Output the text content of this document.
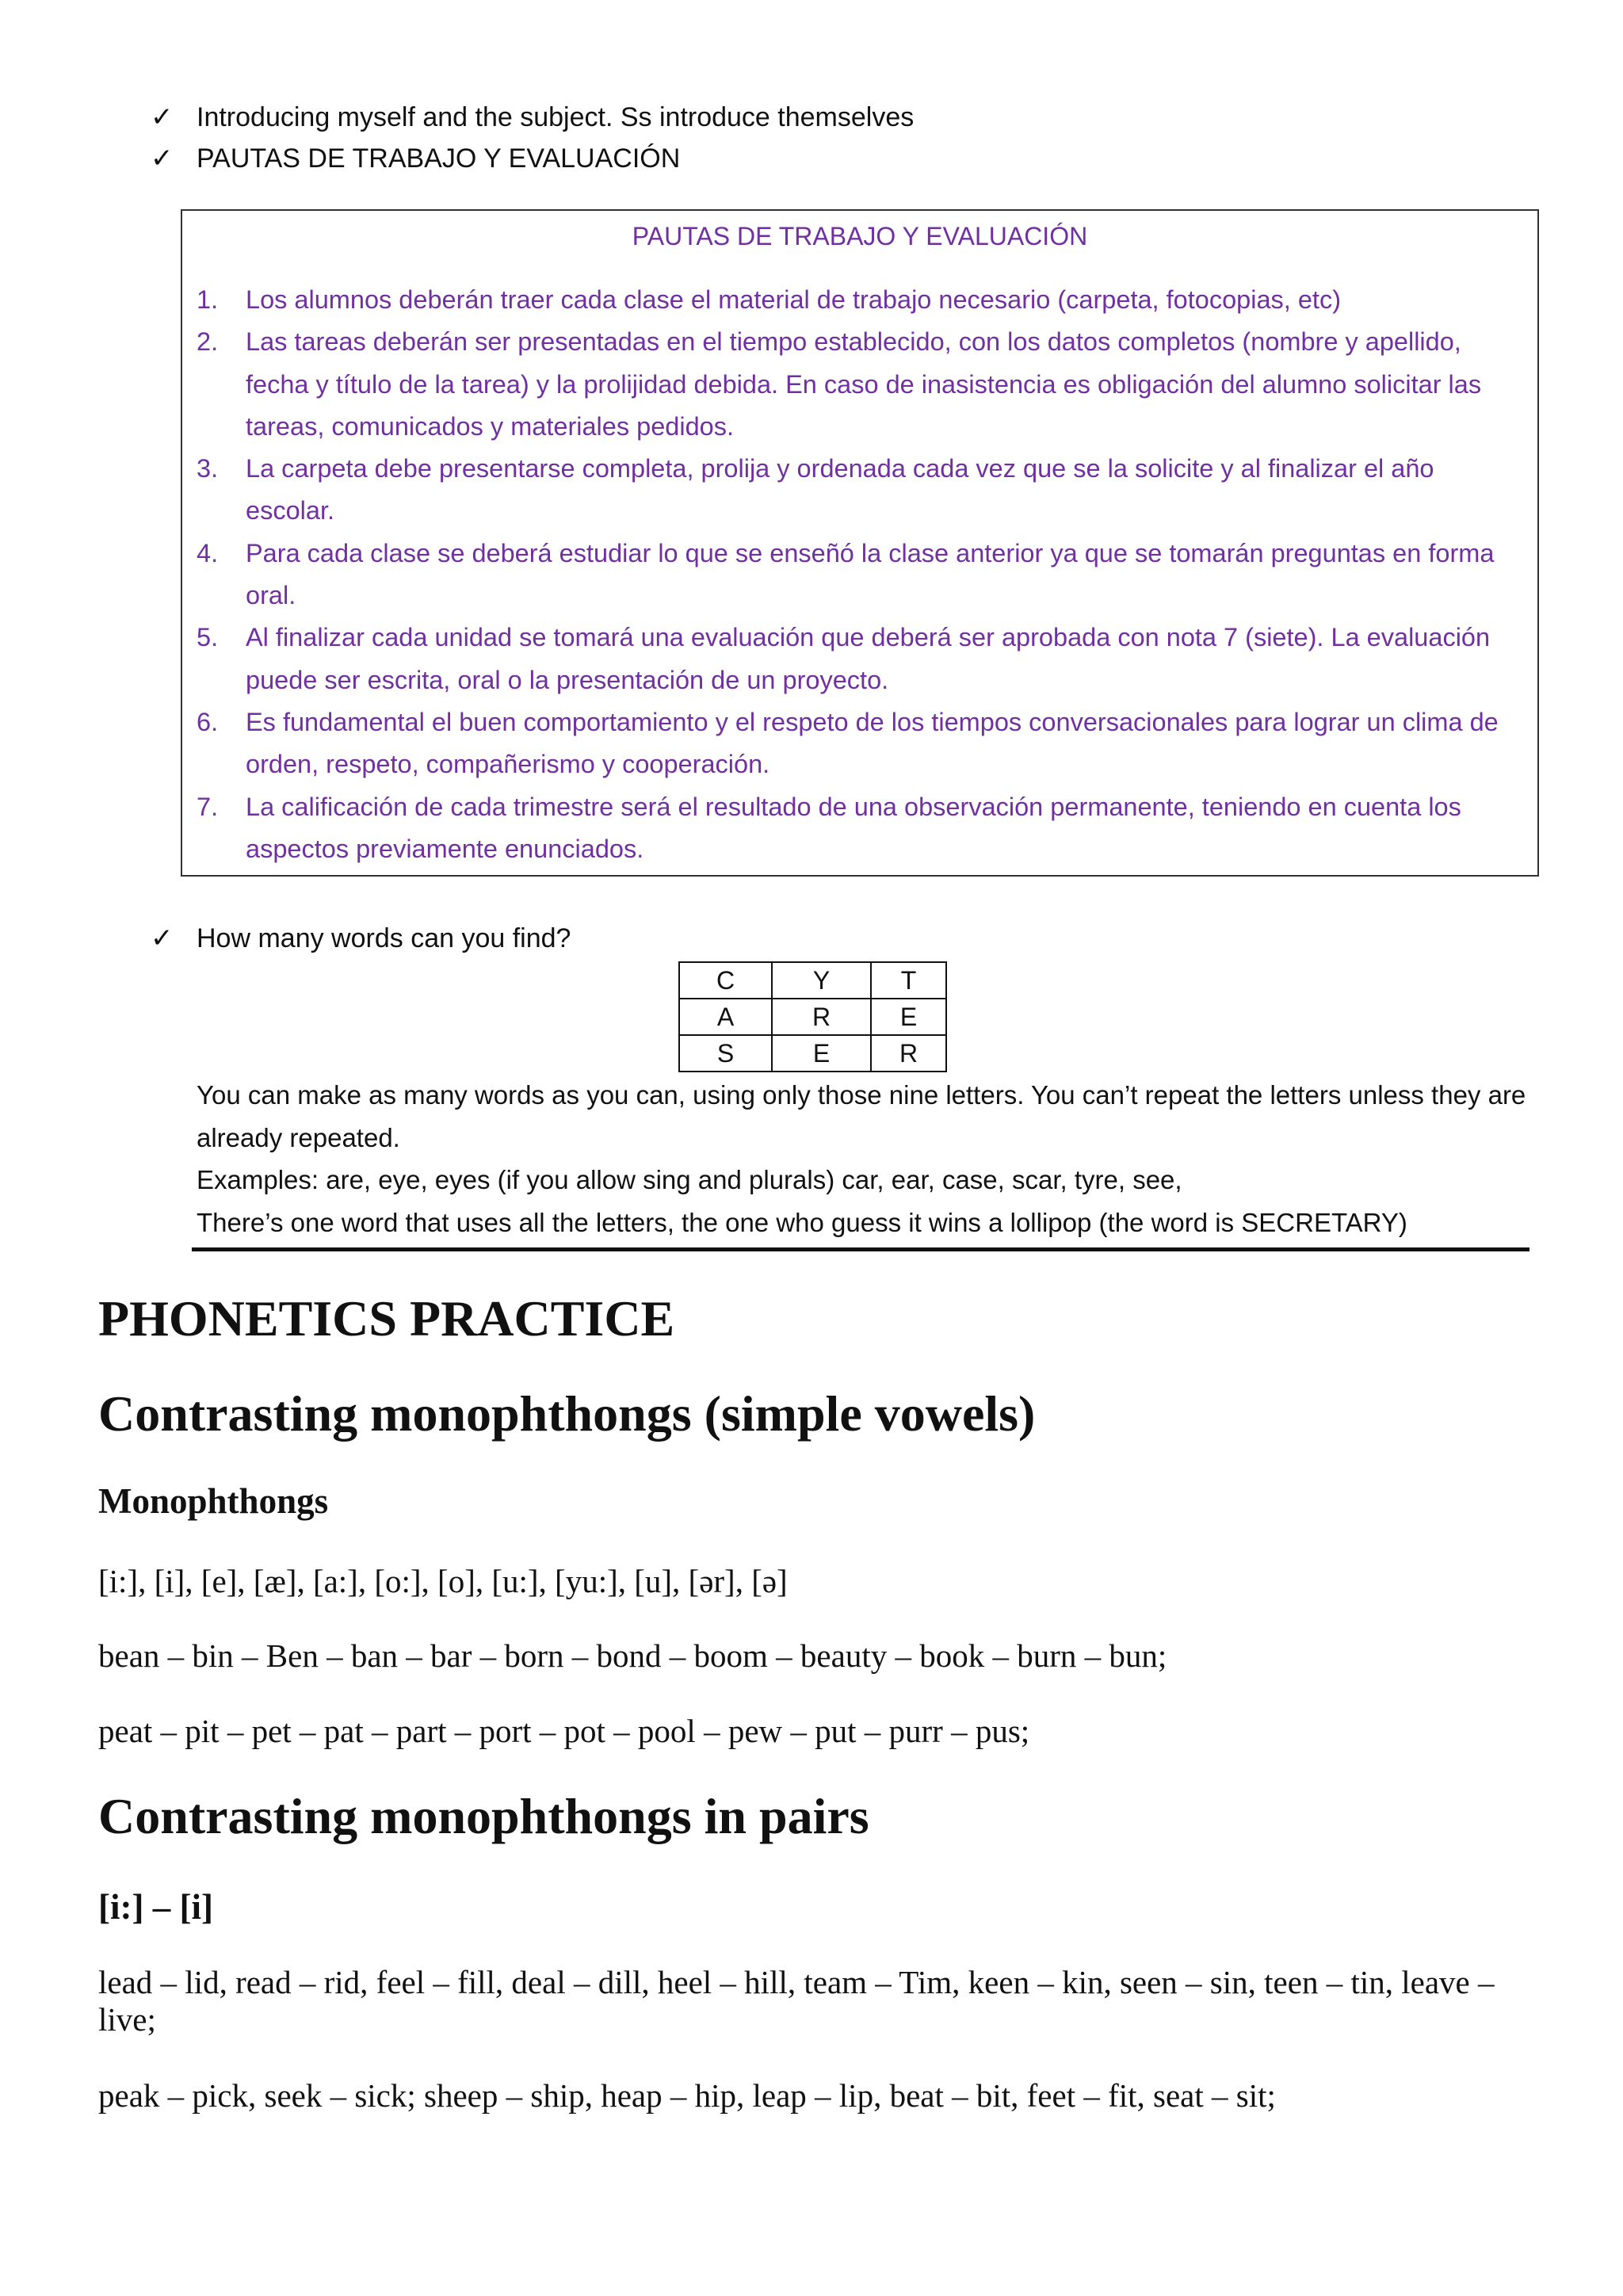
✓ Introducing myself and the subject. Ss introduce themselves
✓ PAUTAS DE TRABAJO Y EVALUACIÓN
PAUTAS DE TRABAJO Y EVALUACIÓN
1. Los alumnos deberán traer cada clase el material de trabajo necesario (carpeta, fotocopias, etc)
2. Las tareas deberán ser presentadas en el tiempo establecido, con los datos completos (nombre y apellido, fecha y título de la tarea) y la prolijidad debida. En caso de inasistencia es obligación del alumno solicitar las tareas, comunicados y materiales pedidos.
3. La carpeta debe presentarse completa, prolija y ordenada cada vez que se la solicite y al finalizar el año escolar.
4. Para cada clase se deberá estudiar lo que se enseñó la clase anterior ya que se tomarán preguntas en forma oral.
5. Al finalizar cada unidad se tomará una evaluación que deberá ser aprobada con nota 7 (siete). La evaluación puede ser escrita, oral o la presentación de un proyecto.
6. Es fundamental el buen comportamiento y el respeto de los tiempos conversacionales para lograr un clima de orden, respeto, compañerismo y cooperación.
7. La calificación de cada trimestre será el resultado de una observación permanente, teniendo en cuenta los aspectos previamente enunciados.
✓ How many words can you find?
C	Y	T
A	R	E
S	E	R
You can make as many words as you can, using only those nine letters. You can’t repeat the letters unless they are already repeated.
Examples: are, eye, eyes (if you allow sing and plurals) car, ear, case, scar, tyre, see,
There’s one word that uses all the letters, the one who guess it wins a lollipop (the word is SECRETARY)
PHONETICS PRACTICE
Contrasting monophthongs (simple vowels)
Monophthongs
[i:], [i], [e], [æ], [a:], [o:], [o], [u:], [yu:], [u], [ər], [ə]
bean – bin – Ben – ban – bar – born – bond – boom – beauty – book – burn – bun;
peat – pit – pet – pat – part – port – pot – pool – pew – put – purr – pus;
Contrasting monophthongs in pairs
[i:] – [i]
lead – lid, read – rid, feel – fill, deal – dill, heel – hill, team – Tim, keen – kin, seen – sin, teen – tin, leave – live;
peak – pick, seek – sick; sheep – ship, heap – hip, leap – lip, beat – bit, feet – fit, seat – sit;
